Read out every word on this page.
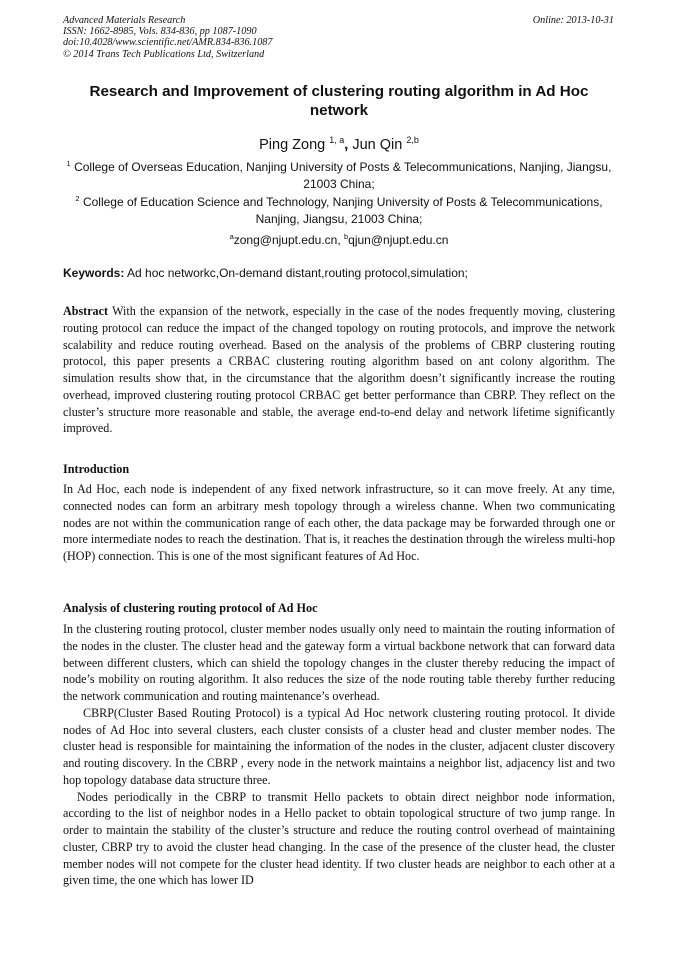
Advanced Materials Research
ISSN: 1662-8985, Vols. 834-836, pp 1087-1090
doi:10.4028/www.scientific.net/AMR.834-836.1087
© 2014 Trans Tech Publications Ltd, Switzerland
Online: 2013-10-31
Research and Improvement of clustering routing algorithm in Ad Hoc network
Ping Zong $^{1, a}$, Jun Qin $^{2,b}$
$^1$ College of Overseas Education, Nanjing University of Posts & Telecommunications, Nanjing, Jiangsu, 21003 China;
$^2$ College of Education Science and Technology, Nanjing University of Posts & Telecommunications, Nanjing, Jiangsu, 21003 China;
$^a$zong@njupt.edu.cn, $^b$qjun@njupt.edu.cn
Keywords: Ad hoc networkc,On-demand distant,routing protocol,simulation;

Abstract With the expansion of the network, especially in the case of the nodes frequently moving, clustering routing protocol can reduce the impact of the changed topology on routing protocols, and improve the network scalability and reduce routing overhead. Based on the analysis of the problems of CBRP clustering routing protocol, this paper presents a CRBAC clustering routing algorithm based on ant colony algorithm. The simulation results show that, in the circumstance that the algorithm doesn’t significantly increase the routing overhead, improved clustering routing protocol CRBAC get better performance than CBRP. They reflect on the cluster’s structure more reasonable and stable, the average end-to-end delay and network lifetime significantly improved.

Introduction

In Ad Hoc, each node is independent of any fixed network infrastructure, so it can move freely. At any time, connected nodes can form an arbitrary mesh topology through a wireless channe. When two communicating nodes are not within the communication range of each other, the data package may be forwarded through one or more intermediate nodes to reach the destination. That is, it reaches the destination through the wireless multi-hop (HOP) connection. This is one of the most significant features of Ad Hoc.

Analysis of clustering routing protocol of Ad Hoc

In the clustering routing protocol, cluster member nodes usually only need to maintain the routing information of the nodes in the cluster. The cluster head and the gateway form a virtual backbone network that can forward data between different clusters, which can shield the topology changes in the cluster thereby reducing the impact of node’s mobility on routing algorithm. It also reduces the size of the node routing table thereby further reducing the network communication and routing maintenance’s overhead.

CBRP(Cluster Based Routing Protocol) is a typical Ad Hoc network clustering routing protocol. It divide nodes of Ad Hoc into several clusters, each cluster consists of a cluster head and cluster member nodes. The cluster head is responsible for maintaining the information of the nodes in the cluster, adjacent cluster discovery and routing discovery. In the CBRP , every node in the network maintains a neighbor list, adjacency list and two hop topology database data structure three.

Nodes periodically in the CBRP to transmit Hello packets to obtain direct neighbor node information, according to the list of neighbor nodes in a Hello packet to obtain topological structure of two jump range. In order to maintain the stability of the cluster’s structure and reduce the routing control overhead of maintaining cluster, CBRP try to avoid the cluster head changing. In the case of the presence of the cluster head, the cluster member nodes will not compete for the cluster head identity. If two cluster heads are neighbor to each other at a given time, the one which has lower ID
